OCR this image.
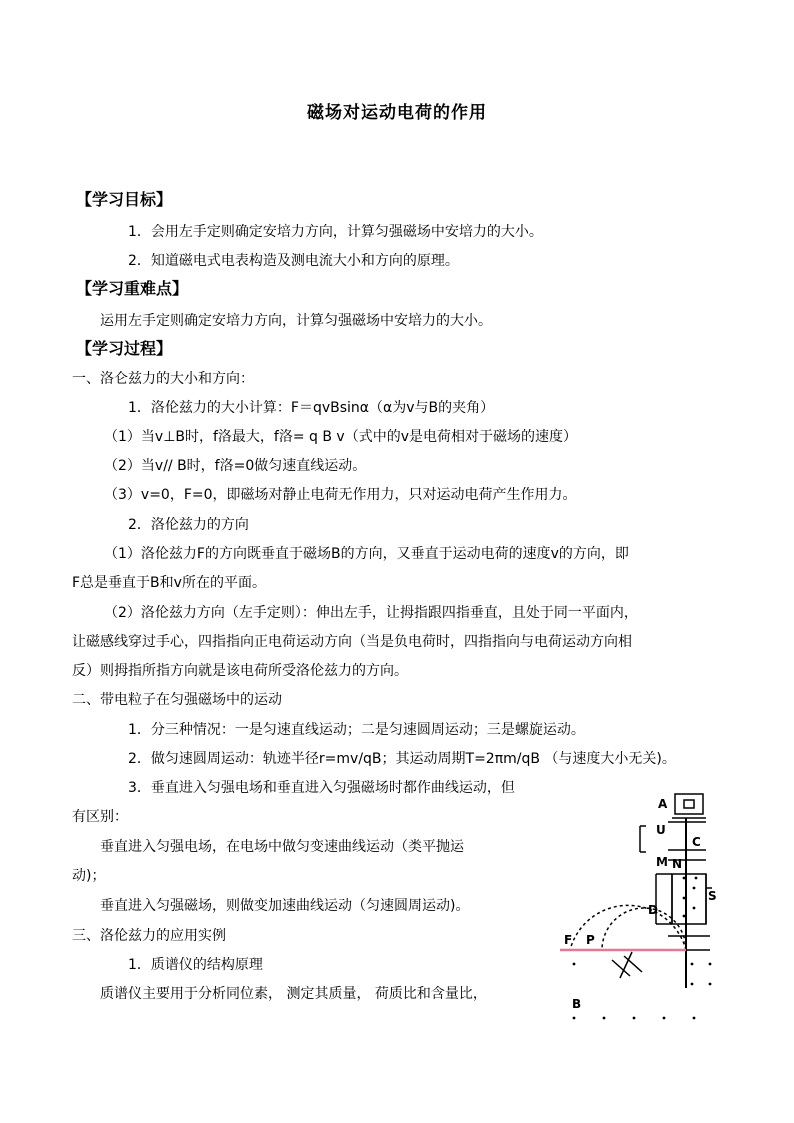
磁场对运动电荷的作用
【学习目标】
1．会用左手定则确定安培力方向，计算匀强磁场中安培力的大小。
2．知道磁电式电表构造及测电流大小和方向的原理。
【学习重难点】
运用左手定则确定安培力方向，计算匀强磁场中安培力的大小。
【学习过程】
一、洛仑兹力的大小和方向：
1．洛伦兹力的大小计算：F＝qvBsinα（α为v与B的夹角）
（1）当v⊥B时，f洛最大，f洛= q B v（式中的v是电荷相对于磁场的速度）
（2）当v// B时，f洛=0做匀速直线运动。
（3）v=0，F=0，即磁场对静止电荷无作用力，只对运动电荷产生作用力。
2．洛伦兹力的方向
（1）洛伦兹力F的方向既垂直于磁场B的方向，又垂直于运动电荷的速度v的方向，即
F总是垂直于B和v所在的平面。
（2）洛伦兹力方向（左手定则）：伸出左手，让拇指跟四指垂直，且处于同一平面内，
让磁感线穿过手心，四指指向正电荷运动方向（当是负电荷时，四指指向与电荷运动方向相
反）则拇指所指方向就是该电荷所受洛伦兹力的方向。
二、带电粒子在匀强磁场中的运动
1．分三种情况：一是匀速直线运动；二是匀速圆周运动；三是螺旋运动。
2．做匀速圆周运动：轨迹半径r=mv/qB；其运动周期T=2πm/qB （与速度大小无关)。
3．垂直进入匀强电场和垂直进入匀强磁场时都作曲线运动，但
有区别：
垂直进入匀强电场，在电场中做匀变速曲线运动（类平抛运
动)；
垂直进入匀强磁场，则做变加速曲线运动（匀速圆周运动)。
三、洛伦兹力的应用实例
1．质谱仪的结构原理
质谱仪主要用于分析同位素， 测定其质量， 荷质比和含量比，
A
U
C
M N
D
S
F P
B
